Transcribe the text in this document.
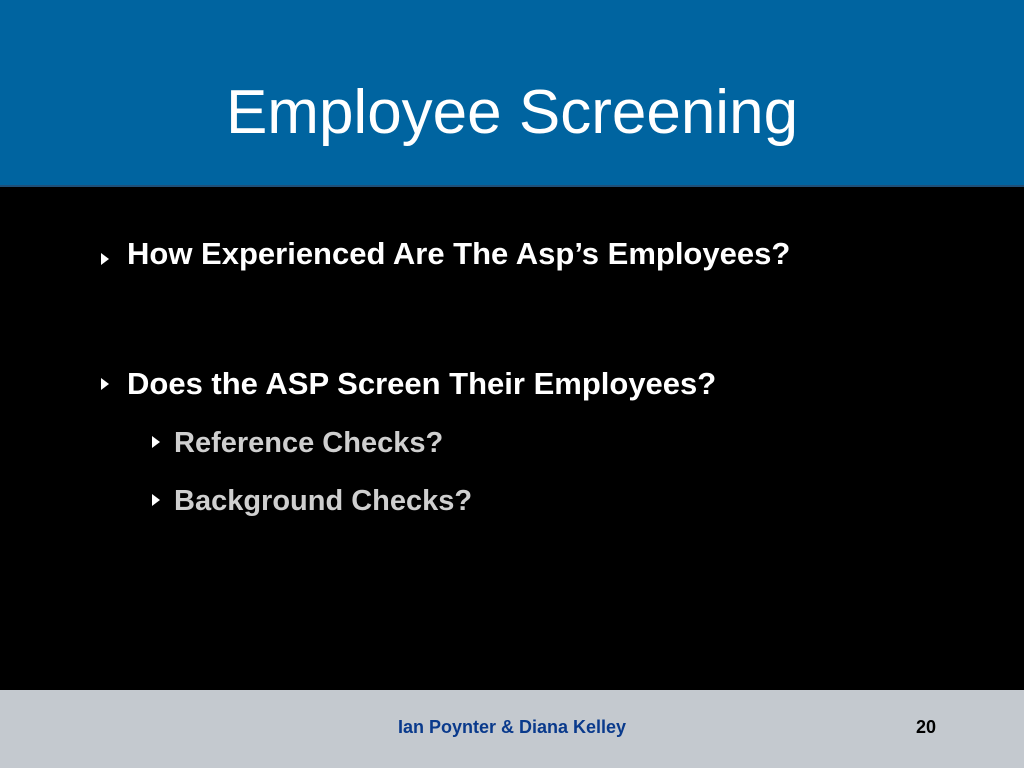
Employee Screening
How Experienced Are The Asp’s Employees?
Does the ASP Screen Their Employees?
Reference Checks?
Background Checks?
Ian Poynter & Diana Kelley	20
